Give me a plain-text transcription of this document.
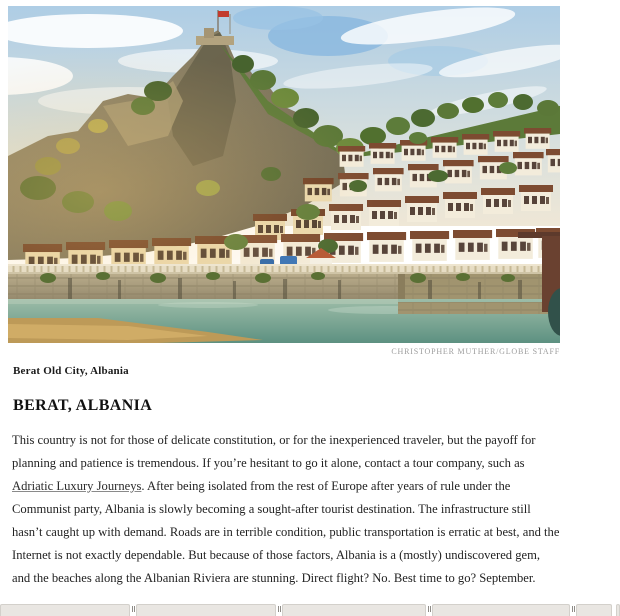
CHRISTOPHER MUTHER/GLOBE STAFF
Berat Old City, Albania
BERAT, ALBANIA

This country is not for those of delicate constitution, or for the inexperienced traveler, but the payoff for planning and patience is tremendous. If you’re hesitant to go it alone, contact a tour company, such as Adriatic Luxury Journeys. After being isolated from the rest of Europe after years of rule under the Communist party, Albania is slowly becoming a sought-after tourist destination. The infrastructure still hasn’t caught up with demand. Roads are in terrible condition, public transportation is erratic at best, and the Internet is not exactly dependable. But because of those factors, Albania is a (mostly) undiscovered gem, and the beaches along the Albanian Riviera are stunning. Direct flight? No. Best time to go? September.
